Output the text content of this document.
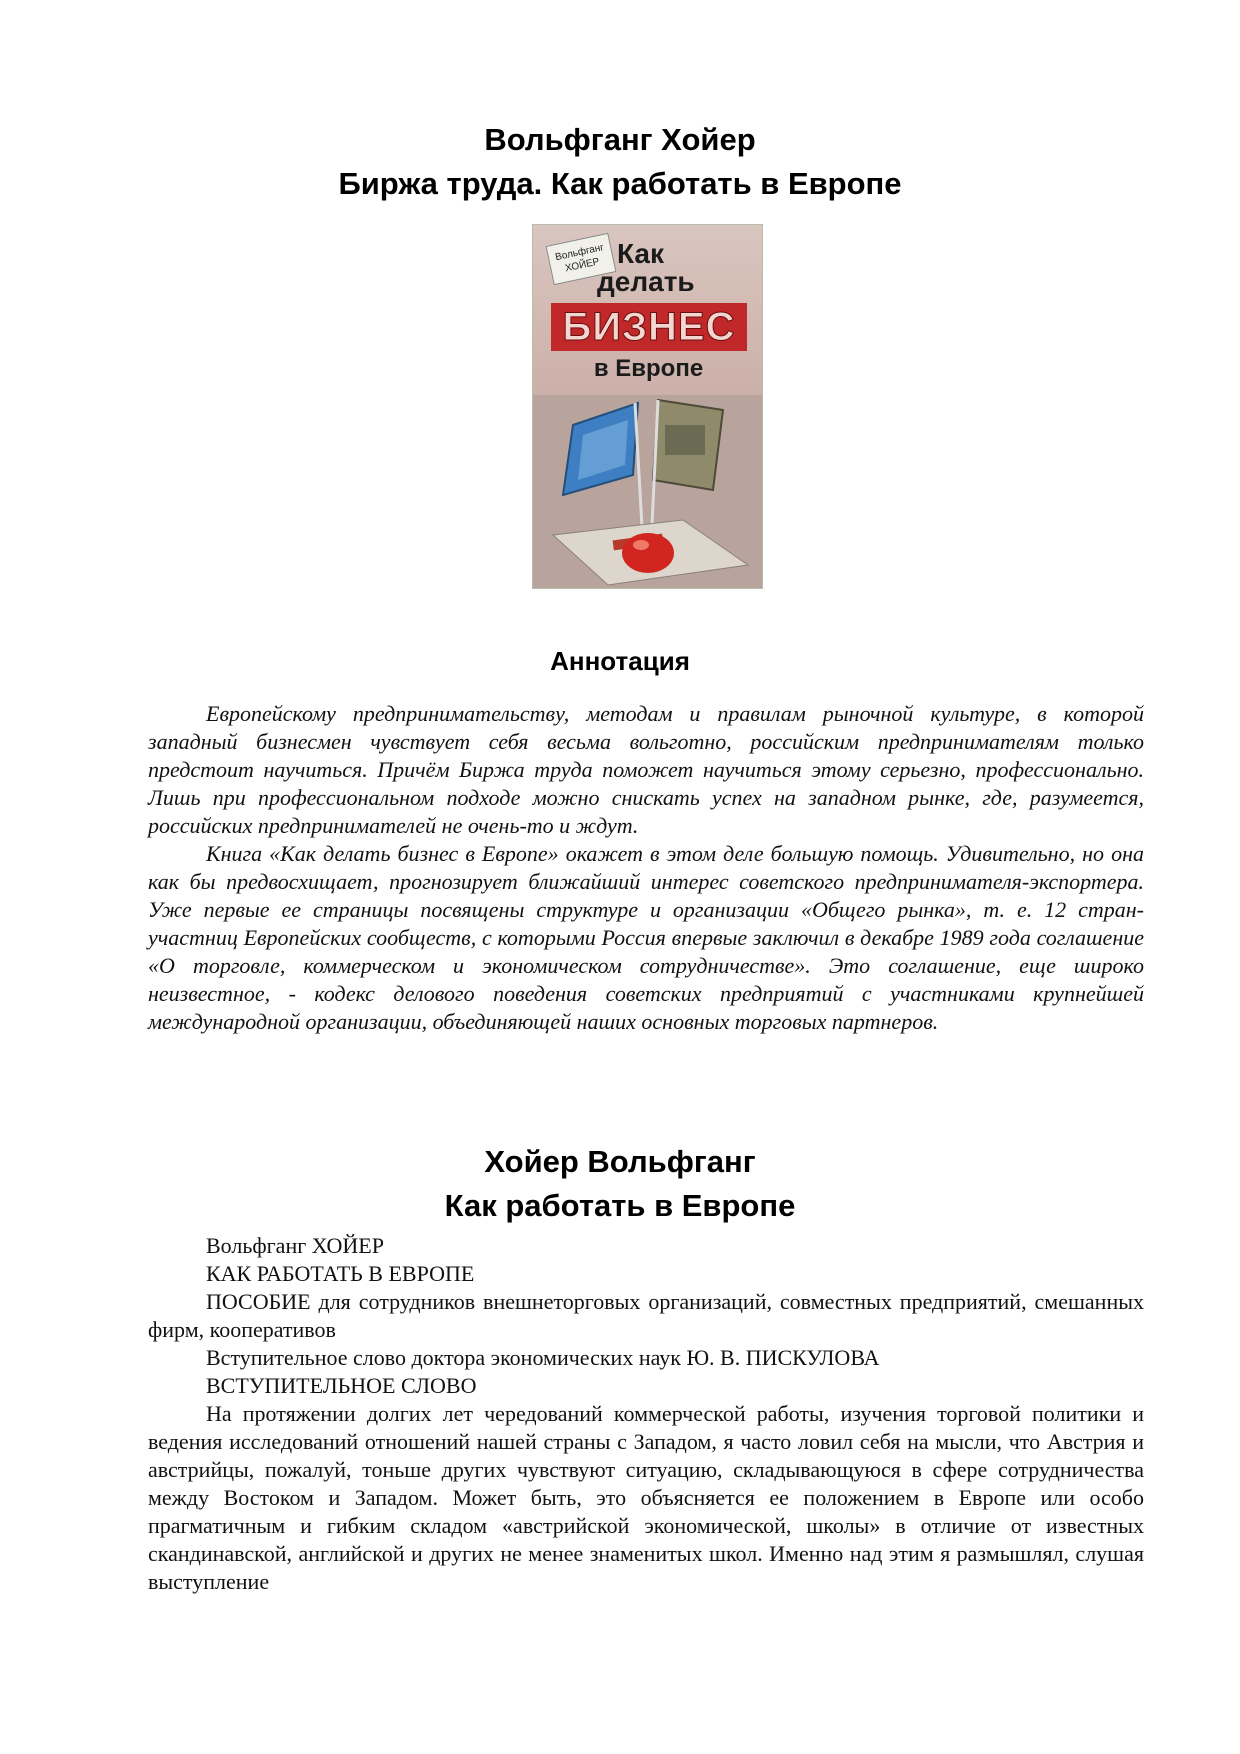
Вольфганг Хойер
Биржа труда. Как работать в Европе
Вольфганг ХОЙЕР Как
делать
БИЗНЕС
в Европе
Аннотация

Европейскому предпринимательству, методам и правилам рыночной культуре, в которой западный бизнесмен чувствует себя весьма вольготно, российским предпринимателям только предстоит научиться. Причём Биржа труда поможет научиться этому серьезно, профессионально. Лишь при профессиональном подходе можно снискать успех на западном рынке, где, разумеется, российских предпринимателей не очень-то и ждут.

Книга «Как делать бизнес в Европе» окажет в этом деле большую помощь. Удивительно, но она как бы предвосхищает, прогнозирует ближайший интерес советского предпринимателя-экспортера. Уже первые ее страницы посвящены структуре и организации «Общего рынка», т. е. 12 стран-участниц Европейских сообществ, с которыми Россия впервые заключил в декабре 1989 года соглашение «О торговле, коммерческом и экономическом сотрудничестве». Это соглашение, еще широко неизвестное, - кодекс делового поведения советских предприятий с участниками крупнейшей международной организации, объединяющей наших основных торговых партнеров.

Хойер Вольфганг
Как работать в Европе

Вольфганг ХОЙЕР

КАК РАБОТАТЬ В ЕВРОПЕ

ПОСОБИЕ для сотрудников внешнеторговых организаций, совместных предприятий, смешанных фирм, кооперативов

Вступительное слово доктора экономических наук Ю. В. ПИСКУЛОВА

ВСТУПИТЕЛЬНОЕ СЛОВО

На протяжении долгих лет чередований коммерческой работы, изучения торговой политики и ведения исследований отношений нашей страны с Западом, я часто ловил себя на мысли, что Австрия и австрийцы, пожалуй, тоньше других чувствуют ситуацию, складывающуюся в сфере сотрудничества между Востоком и Западом. Может быть, это объясняется ее положением в Европе или особо прагматичным и гибким складом «австрийской экономической, школы» в отличие от известных скандинавской, английской и других не менее знаменитых школ. Именно над этим я размышлял, слушая выступление
